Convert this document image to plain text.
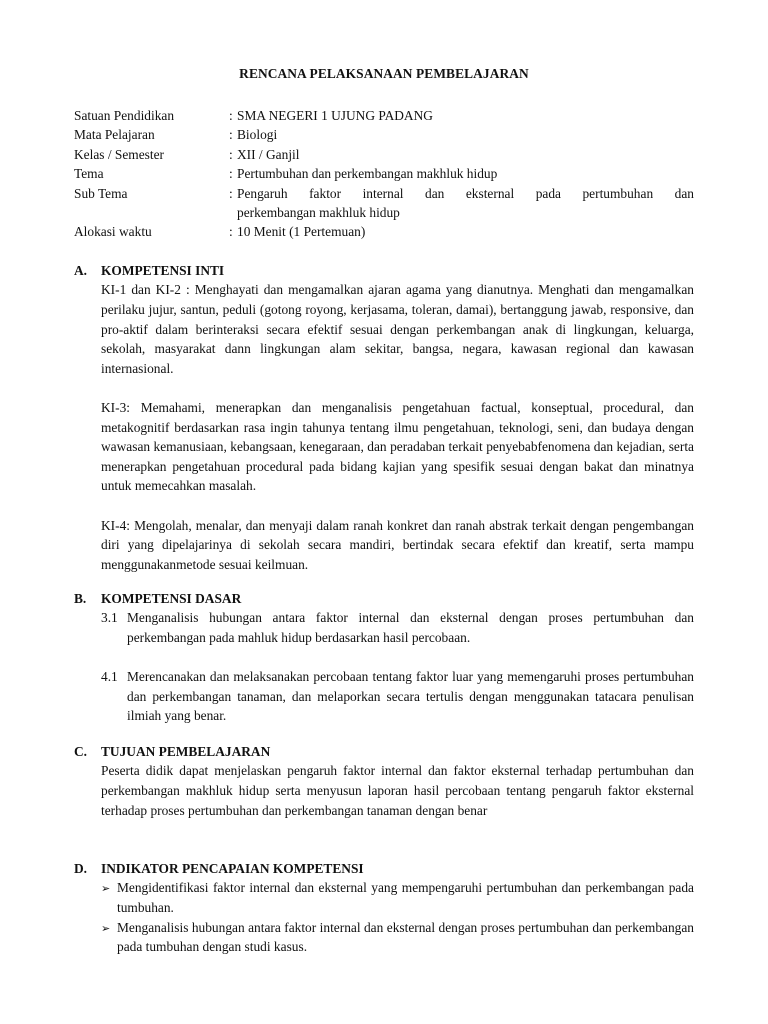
RENCANA PELAKSANAAN PEMBELAJARAN
Satuan Pendidikan	: SMA NEGERI 1 UJUNG PADANG
Mata Pelajaran	: Biologi
Kelas / Semester	: XII / Ganjil
Tema	: Pertumbuhan dan perkembangan makhluk hidup
Sub Tema	: Pengaruh faktor internal dan eksternal pada pertumbuhan dan
perkembangan makhluk hidup
Alokasi waktu	: 10 Menit (1 Pertemuan)
A.	KOMPETENSI INTI
KI-1 dan KI-2 : Menghayati dan mengamalkan ajaran agama yang dianutnya. Menghati dan mengamalkan perilaku jujur, santun, peduli (gotong royong, kerjasama, toleran, damai), bertanggung jawab, responsive, dan pro-aktif dalam berinteraksi secara efektif sesuai dengan perkembangan anak di lingkungan, keluarga, sekolah, masyarakat dann lingkungan alam sekitar, bangsa, negara, kawasan regional dan kawasan internasional.
KI-3: Memahami, menerapkan dan menganalisis pengetahuan factual, konseptual, procedural, dan metakognitif berdasarkan rasa ingin tahunya tentang ilmu pengetahuan, teknologi, seni, dan budaya dengan wawasan kemanusiaan, kebangsaan, kenegaraan, dan peradaban terkait penyebabfenomena dan kejadian, serta menerapkan pengetahuan procedural pada bidang kajian yang spesifik sesuai dengan bakat dan minatnya untuk memecahkan masalah.
KI-4: Mengolah, menalar, dan menyaji dalam ranah konkret dan ranah abstrak terkait dengan pengembangan diri yang dipelajarinya di sekolah secara mandiri, bertindak secara efektif dan kreatif, serta mampu menggunakanmetode sesuai keilmuan.
B.	KOMPETENSI DASAR
3.1 Menganalisis hubungan antara faktor internal dan eksternal dengan proses pertumbuhan dan perkembangan pada mahluk hidup berdasarkan hasil percobaan.
4.1 Merencanakan dan melaksanakan percobaan tentang faktor luar yang memengaruhi proses pertumbuhan dan perkembangan tanaman, dan melaporkan secara tertulis dengan menggunakan tatacara penulisan ilmiah yang benar.
C.	TUJUAN PEMBELAJARAN
Peserta didik dapat menjelaskan pengaruh faktor internal dan faktor eksternal terhadap pertumbuhan dan perkembangan makhluk hidup serta menyusun laporan hasil percobaan tentang pengaruh faktor eksternal terhadap proses pertumbuhan dan perkembangan tanaman dengan benar
D.	INDIKATOR PENCAPAIAN KOMPETENSI
➢ Mengidentifikasi faktor internal dan eksternal yang mempengaruhi pertumbuhan dan perkembangan pada tumbuhan.
➢ Menganalisis hubungan antara faktor internal dan eksternal dengan proses pertumbuhan dan perkembangan pada tumbuhan dengan studi kasus.
